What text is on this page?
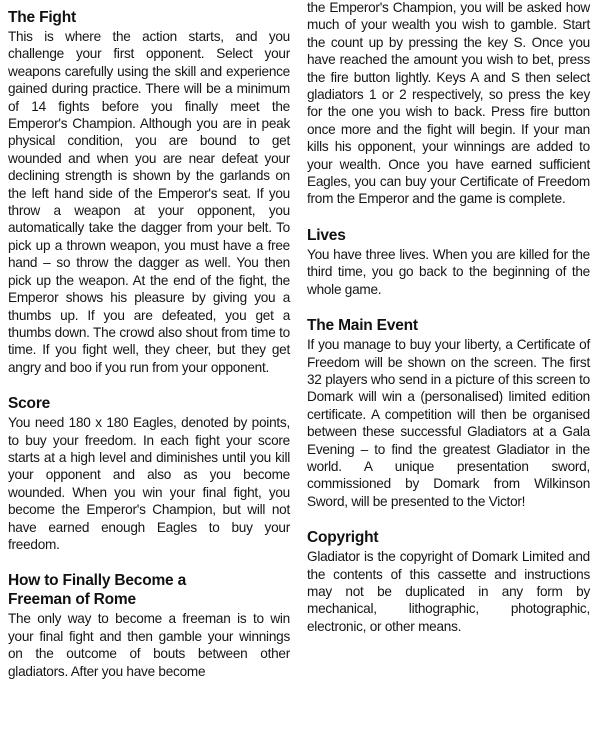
The Fight

This is where the action starts, and you challenge your first opponent. Select your weapons carefully using the skill and experience gained during practice. There will be a minimum of 14 fights before you finally meet the Emperor's Champion. Although you are in peak physical condition, you are bound to get wounded and when you are near defeat your declining strength is shown by the garlands on the left hand side of the Emperor's seat. If you throw a weapon at your opponent, you automatically take the dagger from your belt. To pick up a thrown weapon, you must have a free hand – so throw the dagger as well. You then pick up the weapon. At the end of the fight, the Emperor shows his pleasure by giving you a thumbs up. If you are defeated, you get a thumbs down. The crowd also shout from time to time. If you fight well, they cheer, but they get angry and boo if you run from your opponent.

Score

You need 180 x 180 Eagles, denoted by points, to buy your freedom. In each fight your score starts at a high level and diminishes until you kill your opponent and also as you become wounded. When you win your final fight, you become the Emperor's Champion, but will not have earned enough Eagles to buy your freedom.

How to Finally Become a
Freeman of Rome

The only way to become a freeman is to win your final fight and then gamble your winnings on the outcome of bouts between other gladiators. After you have become

the Emperor's Champion, you will be asked how much of your wealth you wish to gamble. Start the count up by pressing the key S. Once you have reached the amount you wish to bet, press the fire button lightly. Keys A and S then select gladiators 1 or 2 respectively, so press the key for the one you wish to back. Press fire button once more and the fight will begin. If your man kills his opponent, your winnings are added to your wealth. Once you have earned sufficient Eagles, you can buy your Certificate of Freedom from the Emperor and the game is complete.

Lives

You have three lives. When you are killed for the third time, you go back to the beginning of the whole game.

The Main Event

If you manage to buy your liberty, a Certificate of Freedom will be shown on the screen. The first 32 players who send in a picture of this screen to Domark will win a (personalised) limited edition certificate. A competition will then be organised between these successful Gladiators at a Gala Evening – to find the greatest Gladiator in the world. A unique presentation sword, commissioned by Domark from Wilkinson Sword, will be presented to the Victor!

Copyright

Gladiator is the copyright of Domark Limited and the contents of this cassette and instructions may not be duplicated in any form by mechanical, lithographic, photographic, electronic, or other means.
